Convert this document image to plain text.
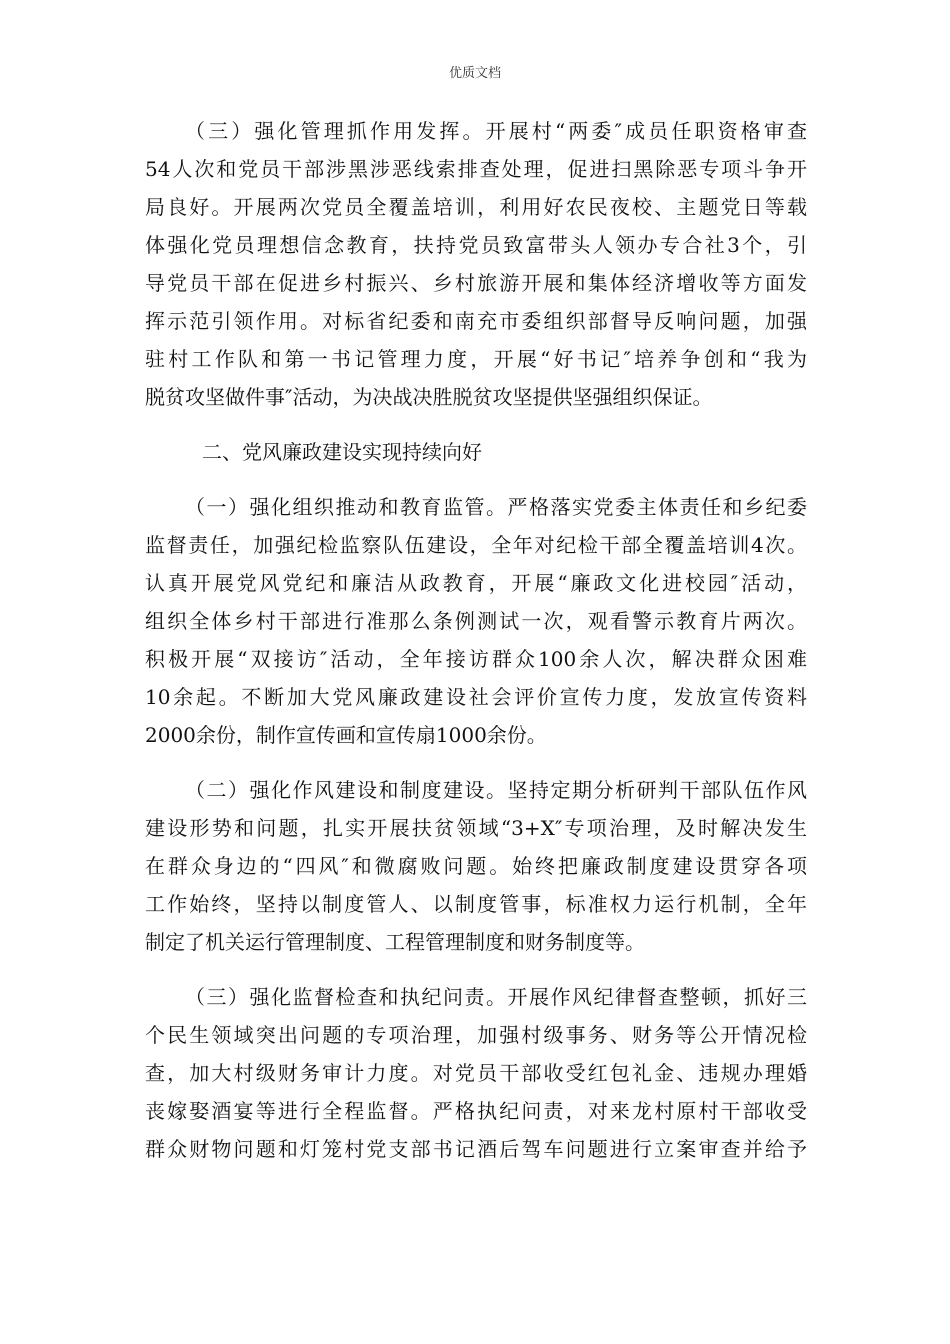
优质文档
（三）强化管理抓作用发挥。开展村“两委″成员任职资格审查
54人次和党员干部涉黑涉恶线索排查处理，促进扫黑除恶专项斗争开
局良好。开展两次党员全覆盖培训，利用好农民夜校、主题党日等载
体强化党员理想信念教育，扶持党员致富带头人领办专合社3个，引
导党员干部在促进乡村振兴、乡村旅游开展和集体经济增收等方面发
挥示范引领作用。对标省纪委和南充市委组织部督导反响问题，加强
驻村工作队和第一书记管理力度，开展“好书记″培养争创和“我为
脱贫攻坚做件事″活动，为决战决胜脱贫攻坚提供坚强组织保证。
二、党风廉政建设实现持续向好
（一）强化组织推动和教育监管。严格落实党委主体责任和乡纪委
监督责任，加强纪检监察队伍建设，全年对纪检干部全覆盖培训4次。
认真开展党风党纪和廉洁从政教育，开展“廉政文化进校园″活动，
组织全体乡村干部进行准那么条例测试一次，观看警示教育片两次。
积极开展“双接访″活动，全年接访群众100余人次，解决群众困难
10余起。不断加大党风廉政建设社会评价宣传力度，发放宣传资料
2000余份，制作宣传画和宣传扇1000余份。
（二）强化作风建设和制度建设。坚持定期分析研判干部队伍作风
建设形势和问题，扎实开展扶贫领域“3+X″专项治理，及时解决发生
在群众身边的“四风″和微腐败问题。始终把廉政制度建设贯穿各项
工作始终，坚持以制度管人、以制度管事，标准权力运行机制，全年
制定了机关运行管理制度、工程管理制度和财务制度等。
（三）强化监督检查和执纪问责。开展作风纪律督查整顿，抓好三
个民生领域突出问题的专项治理，加强村级事务、财务等公开情况检
查，加大村级财务审计力度。对党员干部收受红包礼金、违规办理婚
丧嫁娶酒宴等进行全程监督。严格执纪问责，对来龙村原村干部收受
群众财物问题和灯笼村党支部书记酒后驾车问题进行立案审查并给予
